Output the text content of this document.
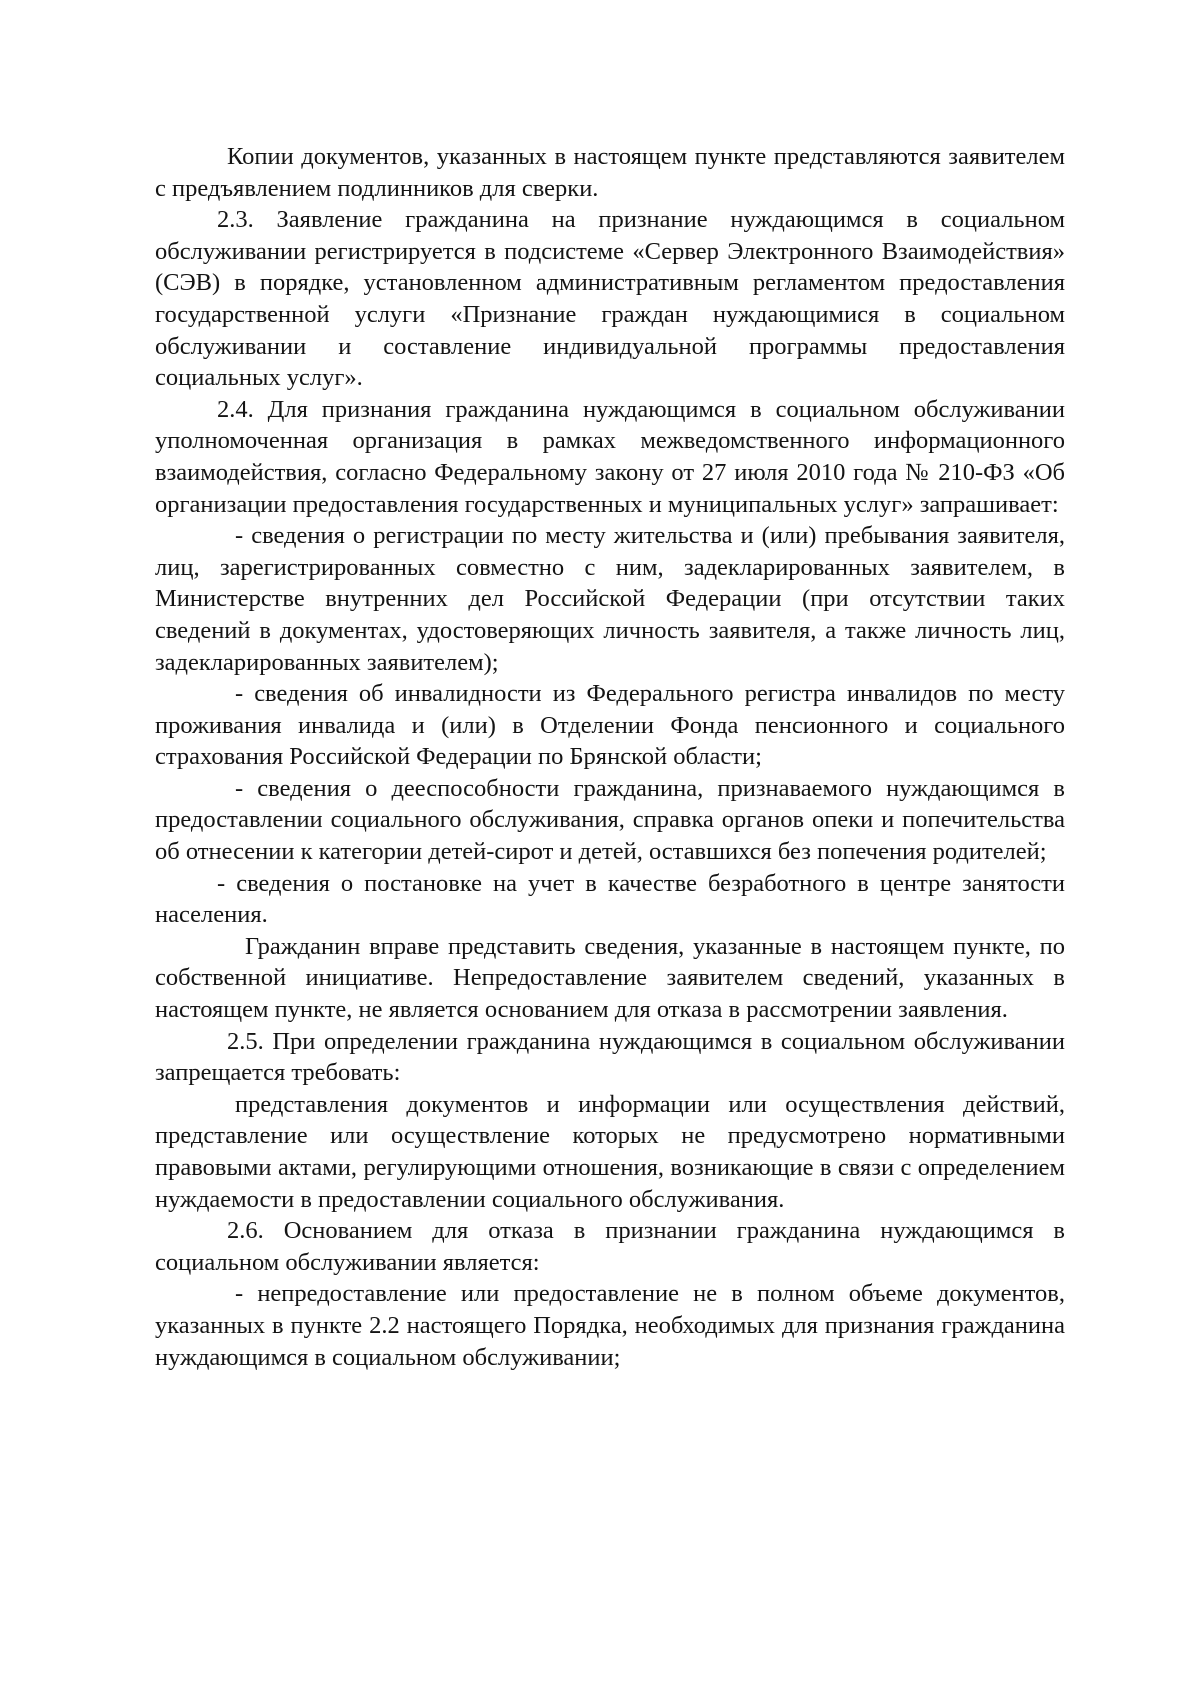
Копии документов, указанных в настоящем пункте представляются заявителем с предъявлением подлинников для сверки.

2.3. Заявление гражданина на признание нуждающимся в социальном обслуживании регистрируется в подсистеме «Сервер Электронного Взаимодействия» (СЭВ) в порядке, установленном административным регламентом предоставления государственной услуги «Признание граждан нуждающимися в социальном обслуживании и составление индивидуальной программы предоставления социальных услуг».

2.4. Для признания гражданина нуждающимся в социальном обслуживании уполномоченная организация в рамках межведомственного информационного взаимодействия, согласно Федеральному закону от 27 июля 2010 года № 210-ФЗ «Об организации предоставления государственных и муниципальных услуг» запрашивает:

- сведения о регистрации по месту жительства и (или) пребывания заявителя, лиц, зарегистрированных совместно с ним, задекларированных заявителем, в Министерстве внутренних дел Российской Федерации (при отсутствии таких сведений в документах, удостоверяющих личность заявителя, а также личность лиц, задекларированных заявителем);

- сведения об инвалидности из Федерального регистра инвалидов по месту проживания инвалида и (или) в Отделении Фонда пенсионного и социального страхования Российской Федерации по Брянской области;

- сведения о дееспособности гражданина, признаваемого нуждающимся в предоставлении социального обслуживания, справка органов опеки и попечительства об отнесении к категории детей-сирот и детей, оставшихся без попечения родителей;

- сведения о постановке на учет в качестве безработного в центре занятости населения.

Гражданин вправе представить сведения, указанные в настоящем пункте, по собственной инициативе. Непредоставление заявителем сведений, указанных в настоящем пункте, не является основанием для отказа в рассмотрении заявления.

2.5. При определении гражданина нуждающимся в социальном обслуживании запрещается требовать:

представления документов и информации или осуществления действий, представление или осуществление которых не предусмотрено нормативными правовыми актами, регулирующими отношения, возникающие в связи с определением нуждаемости в предоставлении социального обслуживания.

2.6. Основанием для отказа в признании гражданина нуждающимся в социальном обслуживании является:

- непредоставление или предоставление не в полном объеме документов, указанных в пункте 2.2 настоящего Порядка, необходимых для признания гражданина нуждающимся в социальном обслуживании;
